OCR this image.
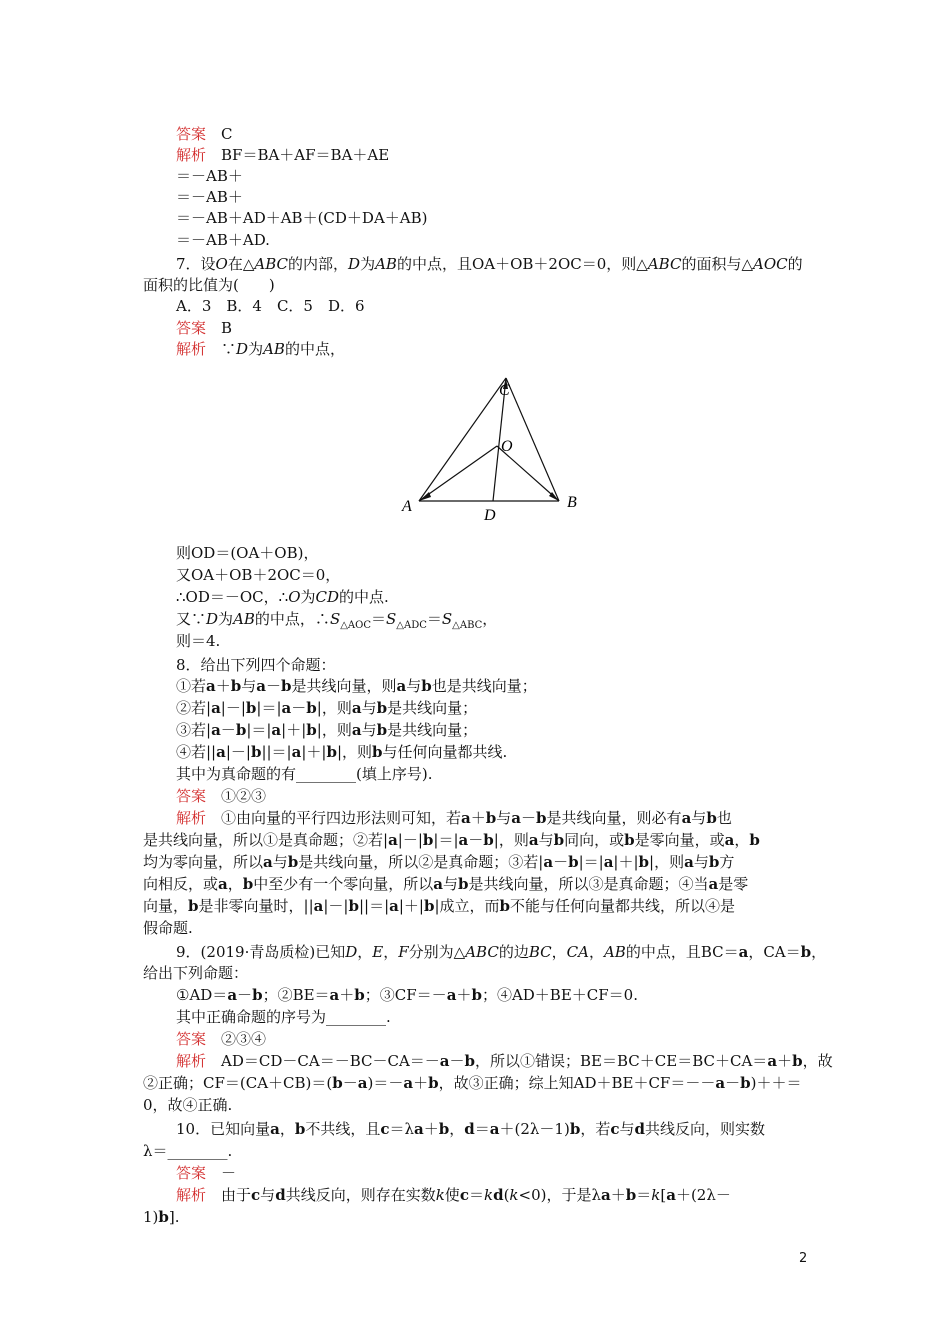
答案　C
解析　BF＝BA＋AF＝BA＋AE
＝－AB＋
＝－AB＋
＝－AB＋AD＋AB＋(CD＋DA＋AB)
＝－AB＋AD.
7．设O在△ABC的内部，D为AB的中点，且OA＋OB＋2OC＝0，则△ABC的面积与△AOC的
面积的比值为(　　)
A．3　B．4　C．5　D．6
答案　B
解析　∵D为AB的中点，
则OD＝(OA＋OB)，
又OA＋OB＋2OC＝0，
∴OD＝－OC，∴O为CD的中点.
又∵D为AB的中点，$\therefore S_{\triangle AOC}=S_{\triangle ADC}=S_{\triangle ABC}$，
则＝4.
8．给出下列四个命题：
①若a＋b与a－b是共线向量，则a与b也是共线向量；
②若|a|－|b|＝|a－b|，则a与b是共线向量；
③若|a－b|＝|a|＋|b|，则a与b是共线向量；
④若||a|－|b||＝|a|＋|b|，则b与任何向量都共线.
其中为真命题的有________(填上序号).
答案　①②③
解析　①由向量的平行四边形法则可知，若a＋b与a－b是共线向量，则必有a与b也
是共线向量，所以①是真命题；②若|a|－|b|＝|a－b|，则a与b同向，或b是零向量，或a，b
均为零向量，所以a与b是共线向量，所以②是真命题；③若|a－b|＝|a|＋|b|，则a与b方
向相反，或a，b中至少有一个零向量，所以a与b是共线向量，所以③是真命题；④当a是零
向量，b是非零向量时，||a|－|b||＝|a|＋|b|成立，而b不能与任何向量都共线，所以④是
假命题.
9．(2019·青岛质检)已知D，E，F分别为△ABC的边BC，CA，AB的中点，且BC＝a，CA＝b，
给出下列命题：
①AD＝a－b；②BE＝a＋b；③CF＝－a＋b；④AD＋BE＋CF＝0.
其中正确命题的序号为________.
答案　②③④
解析　AD＝CD－CA＝－BC－CA＝－a－b，所以①错误；BE＝BC＋CE＝BC＋CA＝a＋b，故
②正确；CF＝(CA＋CB)＝(b－a)＝－a＋b，故③正确；综上知AD＋BE＋CF＝－－a－b)＋＋＝
0，故④正确.
10．已知向量a，b不共线，且c＝λa＋b，d＝a＋(2λ－1)b，若c与d共线反向，则实数
λ＝________.
答案　－
解析　由于c与d共线反向，则存在实数k使c＝kd(k<0)，于是λa＋b＝k[a＋(2λ－
1)b].
C
O
A	B
D
2
